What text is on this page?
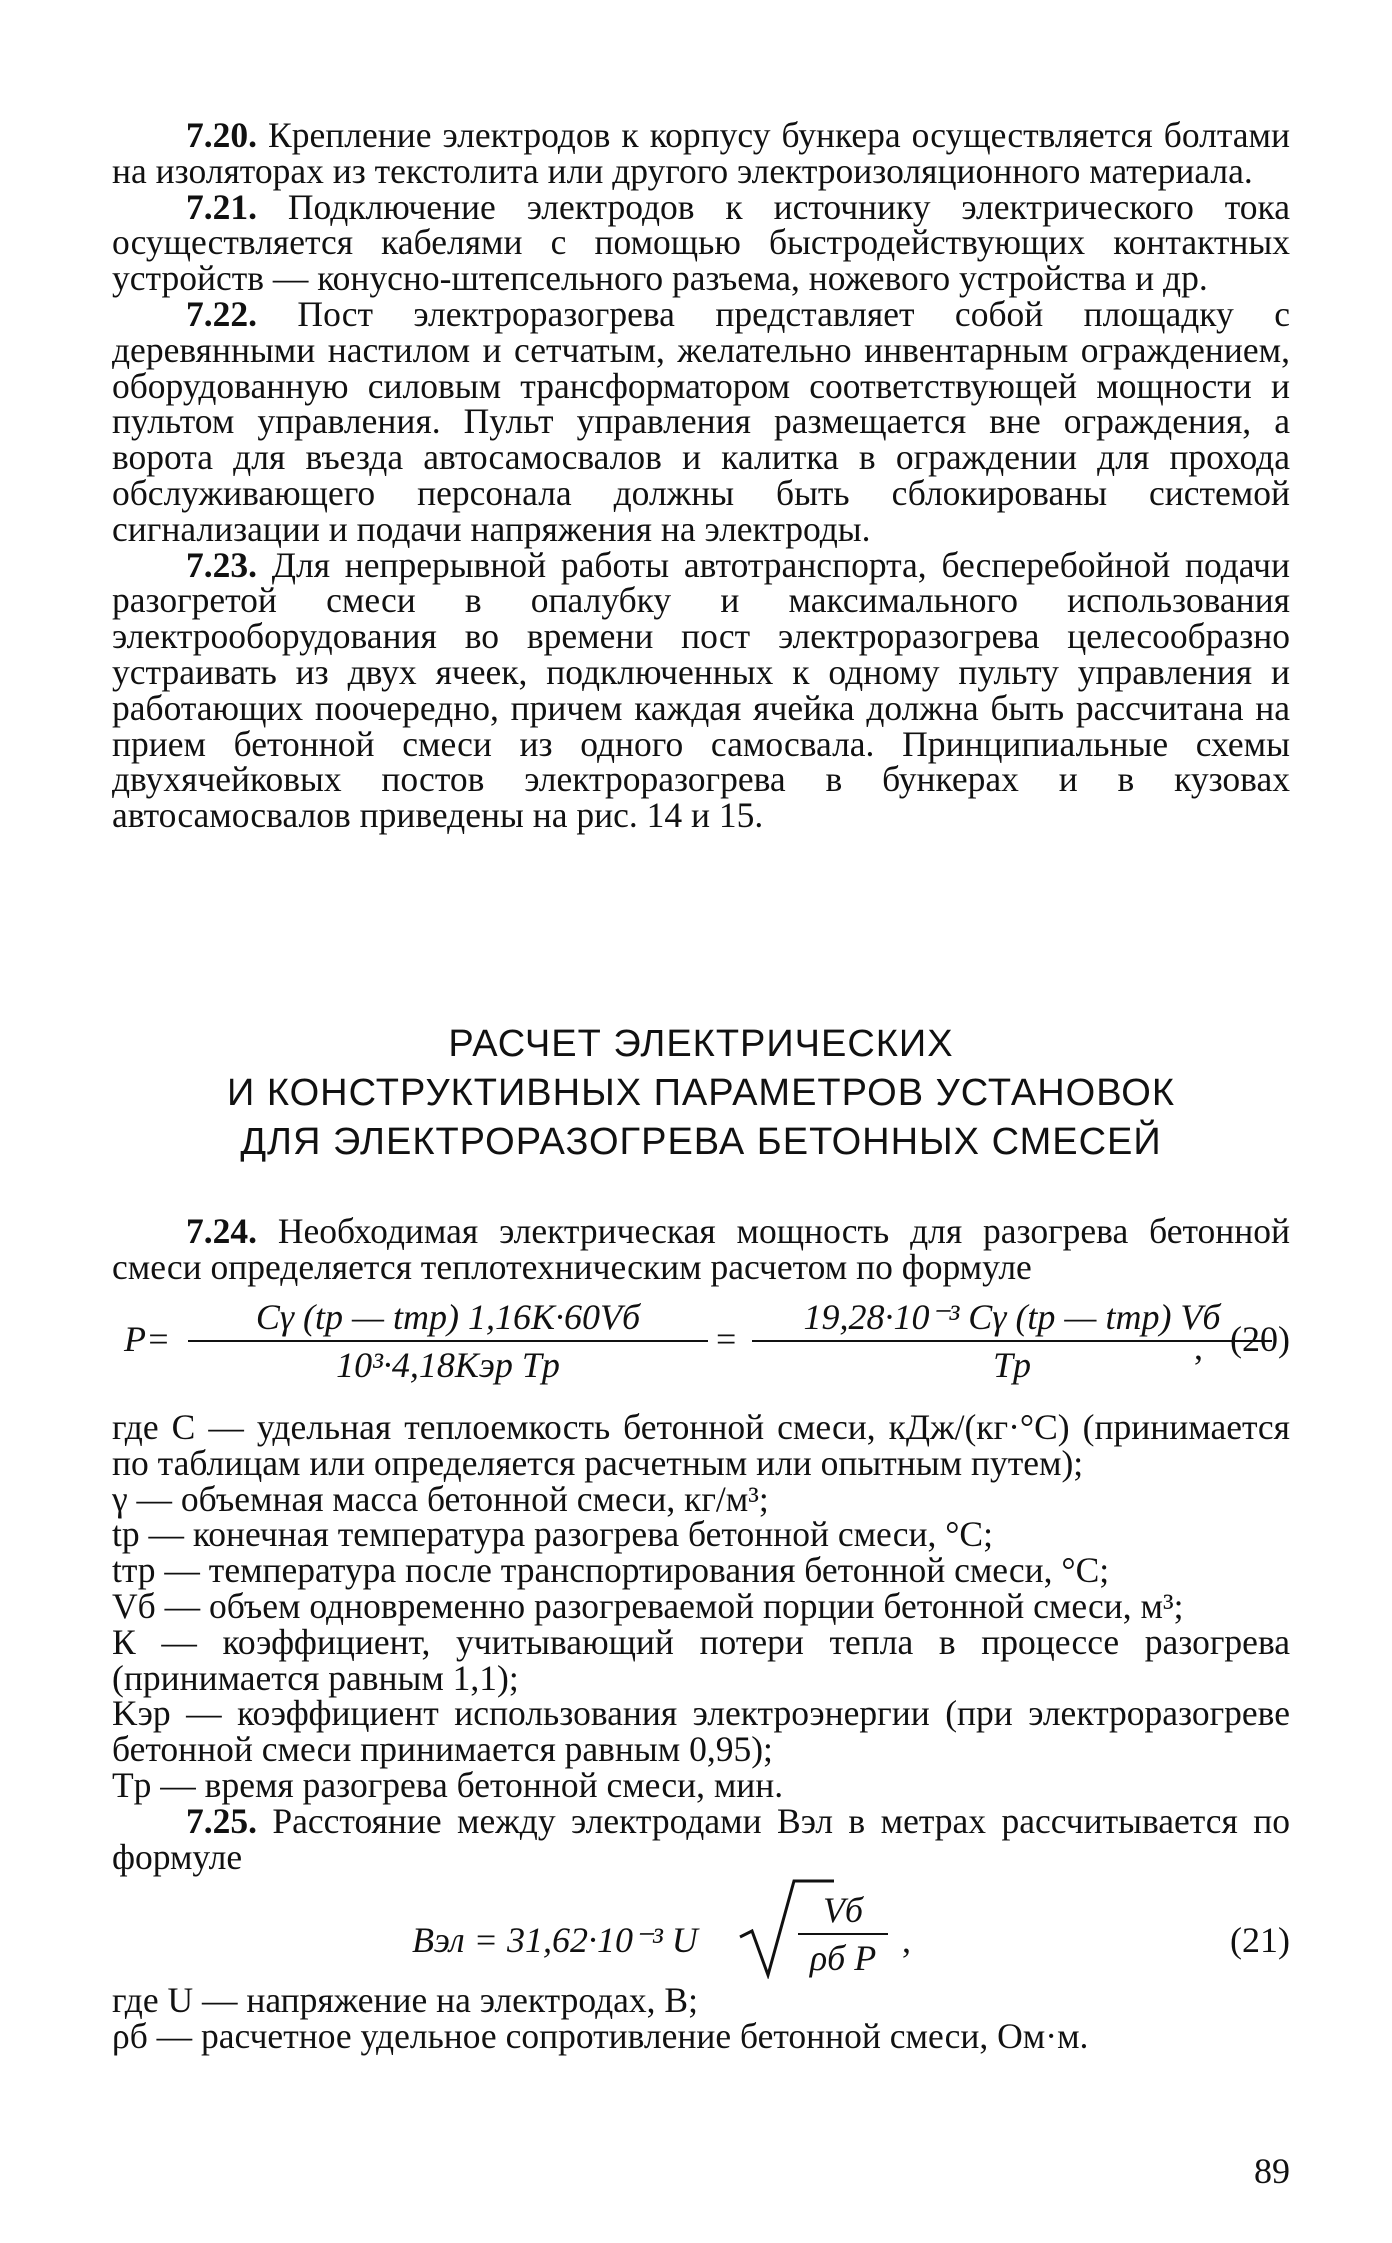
7.20. Крепление электродов к корпусу бункера осуществляется болтами на изоляторах из текстолита или другого электроизоляционного материала.

7.21. Подключение электродов к источнику электрического тока осуществляется кабелями с помощью быстродействующих контактных устройств — конусно-штепсельного разъема, ножевого устройства и др.

7.22. Пост электроразогрева представляет собой площадку с деревянными настилом и сетчатым, желательно инвентарным ограждением, оборудованную силовым трансформатором соответствующей мощности и пультом управления. Пульт управления размещается вне ограждения, а ворота для въезда автосамосвалов и калитка в ограждении для прохода обслуживающего персонала должны быть сблокированы системой сигнализации и подачи напряжения на электроды.

7.23. Для непрерывной работы автотранспорта, бесперебойной подачи разогретой смеси в опалубку и максимального использования электрооборудования во времени пост электроразогрева целесообразно устраивать из двух ячеек, подключенных к одному пульту управления и работающих поочередно, причем каждая ячейка должна быть рассчитана на прием бетонной смеси из одного самосвала. Принципиальные схемы двухячейковых постов электроразогрева в бункерах и в кузовах автосамосвалов приведены на рис. 14 и 15.

РАСЧЕТ ЭЛЕКТРИЧЕСКИХ
И КОНСТРУКТИВНЫХ ПАРАМЕТРОВ УСТАНОВОК
ДЛЯ ЭЛЕКТРОРАЗОГРЕВА БЕТОННЫХ СМЕСЕЙ

7.24. Необходимая электрическая мощность для разогрева бетонной смеси определяется теплотехническим расчетом по формуле

P=
Cγ (tр — tтр) 1,16K·60Vб
10³·4,18Kэр Tр
=
19,28·10⁻³ Cγ (tр — tтр) Vб
Tр	, (20)

где С — удельная теплоемкость бетонной смеси, кДж/(кг·°С) (принимается по таблицам или определяется расчетным или опытным путем);

γ — объемная масса бетонной смеси, кг/м³;

tр — конечная температура разогрева бетонной смеси, °С;

tтр — температура после транспортирования бетонной смеси, °С;

Vб — объем одновременно разогреваемой порции бетонной смеси, м³;

К — коэффициент, учитывающий потери тепла в процессе разогрева (принимается равным 1,1);

Kэр — коэффициент использования электроэнергии (при электроразогреве бетонной смеси принимается равным 0,95);

Tр — время разогрева бетонной смеси, мин.

7.25. Расстояние между электродами Bэл в метрах рассчитывается по формуле

Bэл = 31,62·10⁻³ U
Vб
ρб P ,	(21)

где U — напряжение на электродах, В;

ρб — расчетное удельное сопротивление бетонной смеси, Ом·м.

89
